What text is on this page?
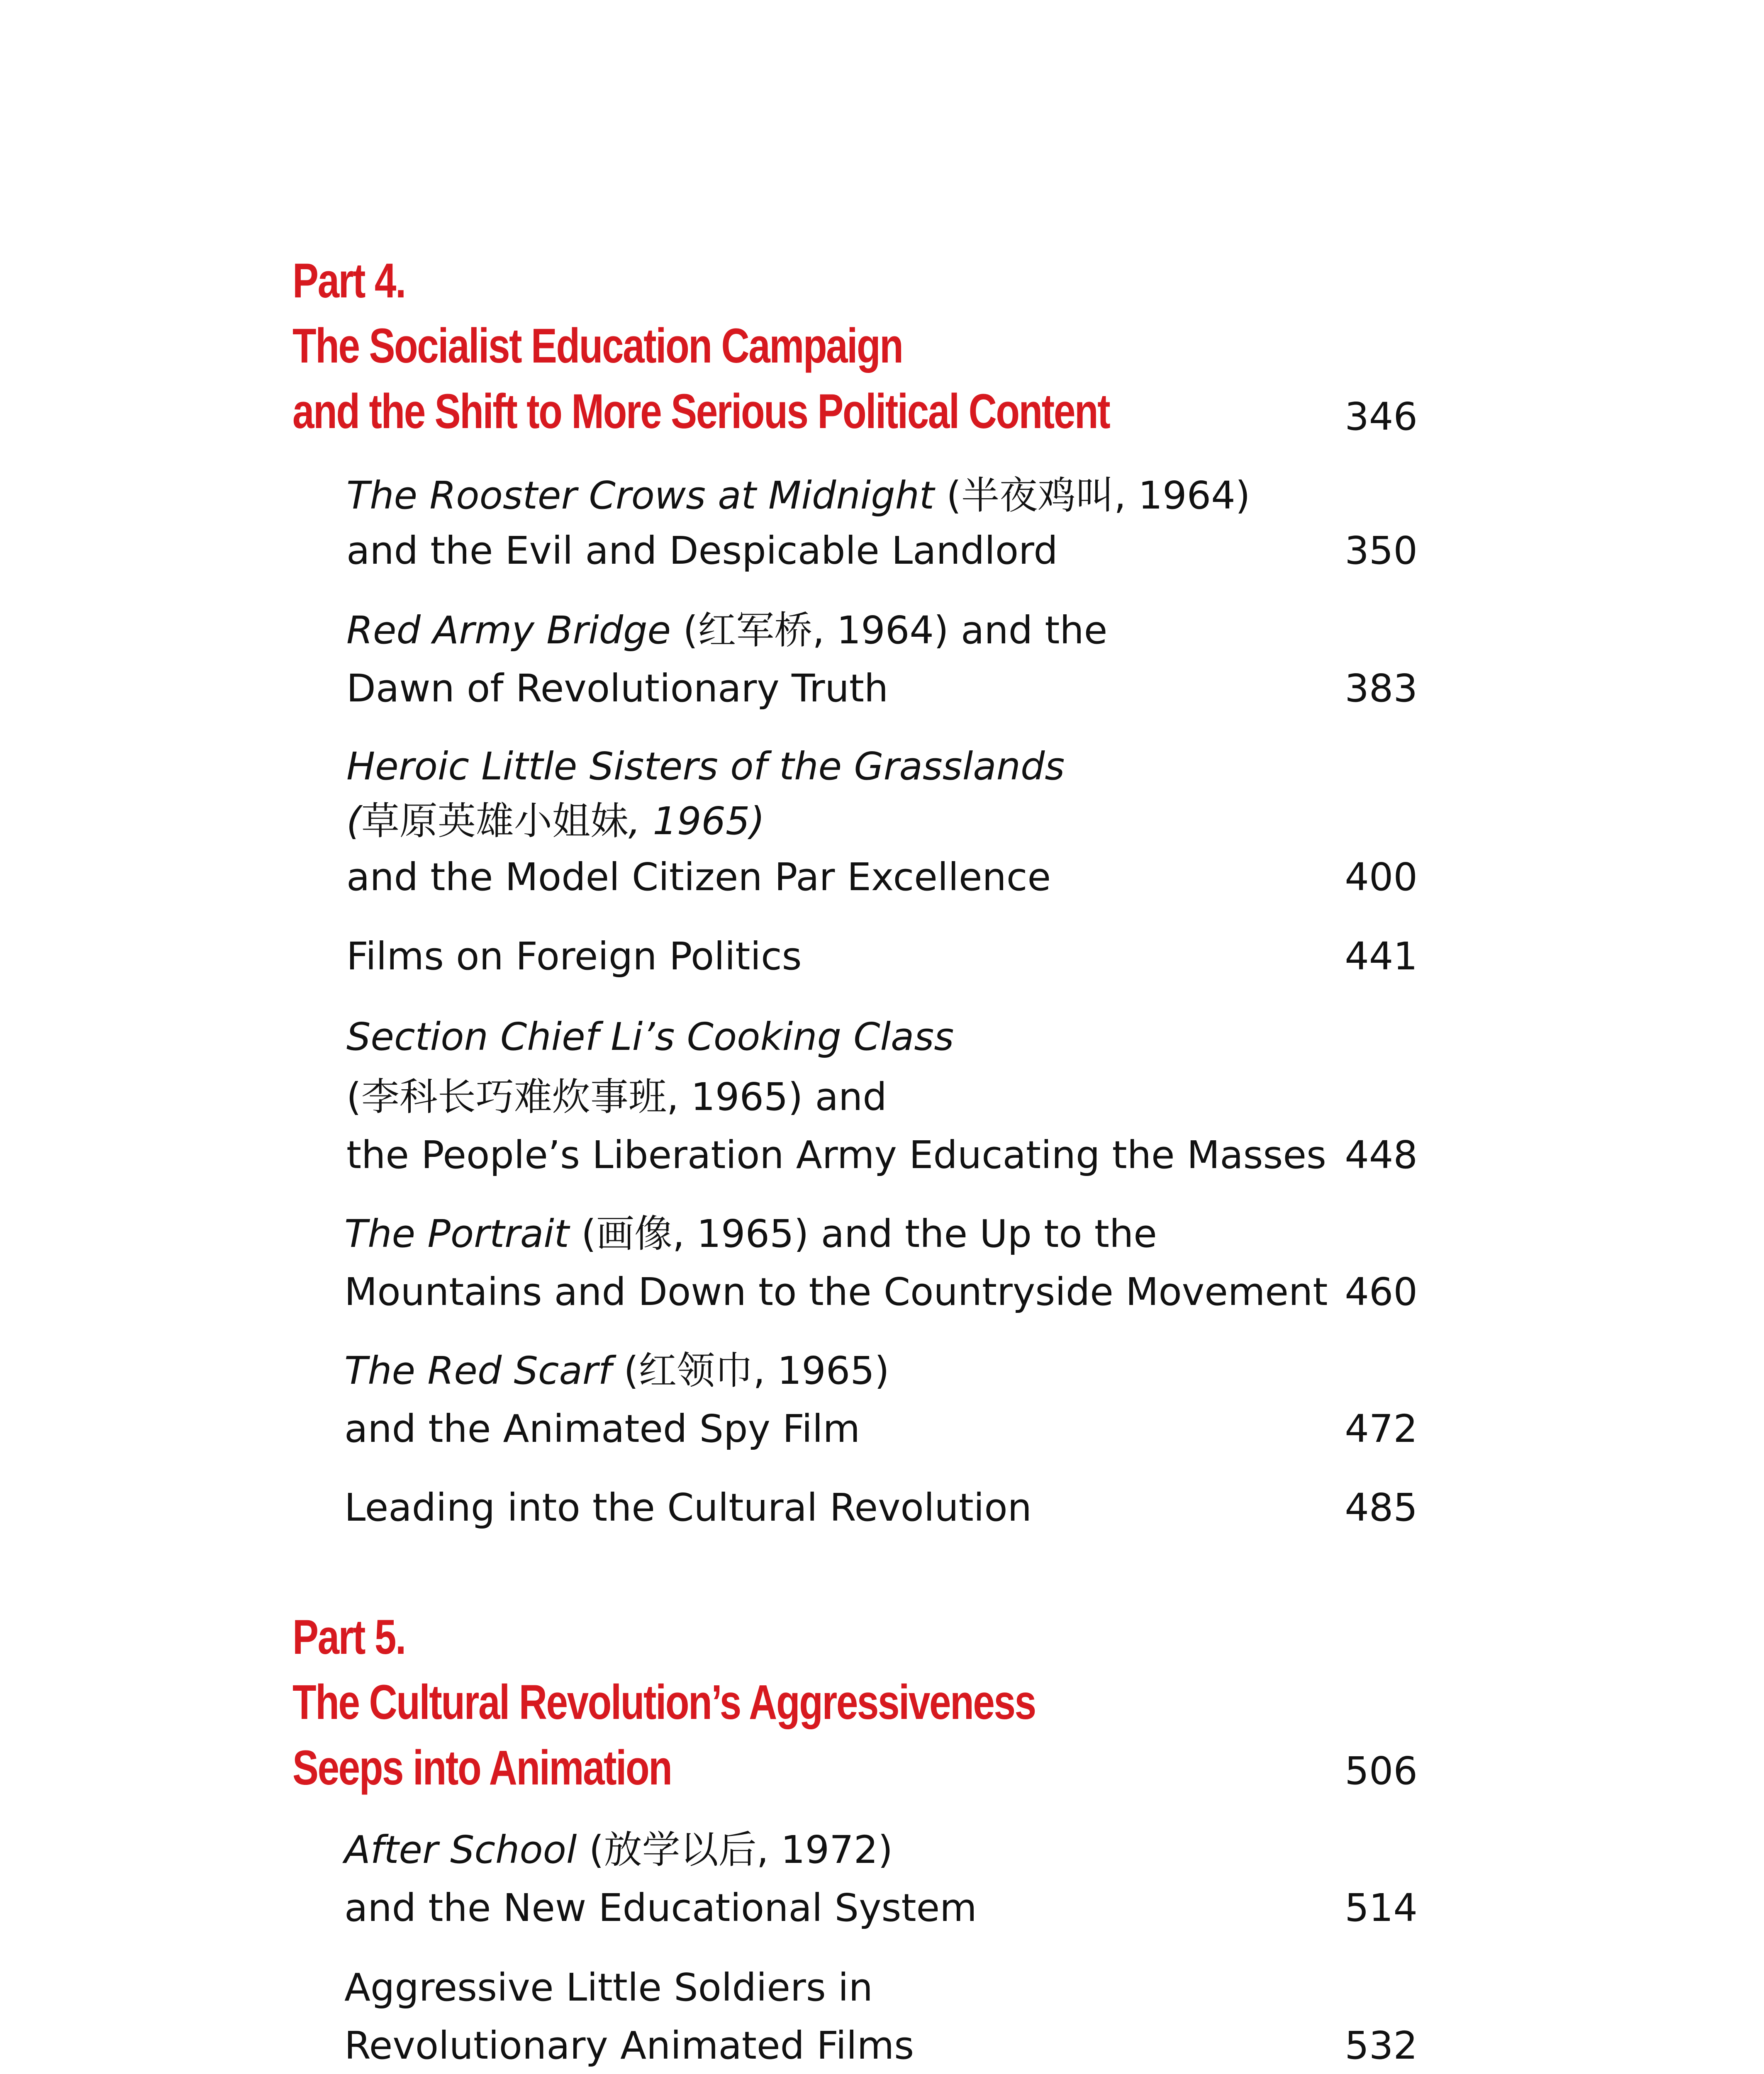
Part 4.
The Socialist Education Campaign
and the Shift to More Serious Political Content	346

The Rooster Crows at Midnight (半夜鸡叫, 1964)

and the Evil and Despicable Landlord	350

Red Army Bridge (红军桥, 1964) and the

Dawn of Revolutionary Truth	383

Heroic Little Sisters of the Grasslands

(草原英雄小姐妹, 1965)

and the Model Citizen Par Excellence	400

Films on Foreign Politics	441

Section Chief Li’s Cooking Class

(李科长巧难炊事班, 1965) and

the People’s Liberation Army Educating the Masses 448

The Portrait (画像, 1965) and the Up to the

Mountains and Down to the Countryside Movement 460

The Red Scarf (红领巾, 1965)

and the Animated Spy Film	472

Leading into the Cultural Revolution	485

Part 5.
The Cultural Revolution’s Aggressiveness
Seeps into Animation	506

After School (放学以后, 1972)

and the New Educational System	514

Aggressive Little Soldiers in

Revolutionary Animated Films	532
